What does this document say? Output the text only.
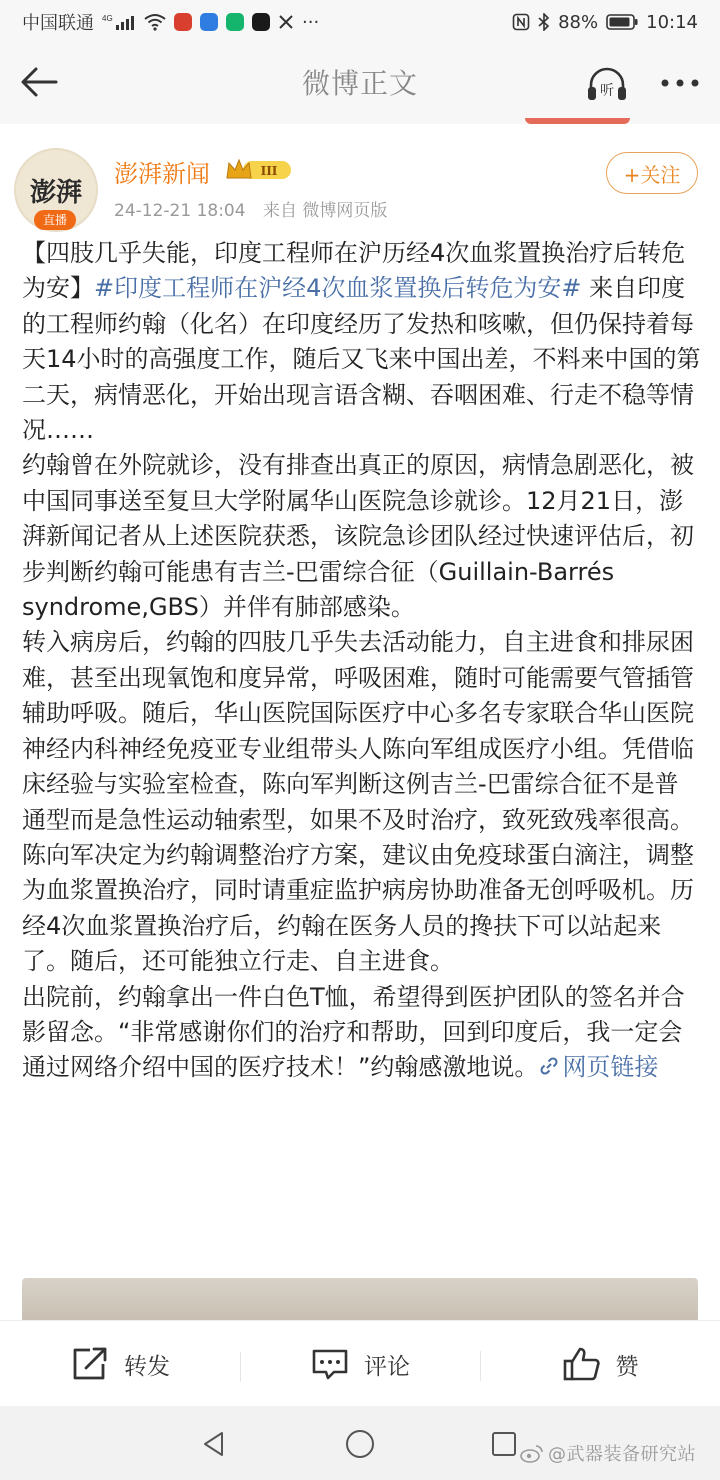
中国联通 4G	···	88%	10:14
微博正文	听
澎湃
直播
澎湃新闻	III
24-12-21 18:04 来自 微博网页版
+关注

【四肢几乎失能，印度工程师在沪历经4次血浆置换治疗后转危为安】#印度工程师在沪经4次血浆置换后转危为安# 来自印度的工程师约翰（化名）在印度经历了发热和咳嗽，但仍保持着每天14小时的高强度工作，随后又飞来中国出差，不料来中国的第二天，病情恶化，开始出现言语含糊、吞咽困难、行走不稳等情况……

约翰曾在外院就诊，没有排查出真正的原因，病情急剧恶化，被中国同事送至复旦大学附属华山医院急诊就诊。12月21日，澎湃新闻记者从上述医院获悉，该院急诊团队经过快速评估后，初步判断约翰可能患有吉兰-巴雷综合征（Guillain-Barrés syndrome,GBS）并伴有肺部感染。

转入病房后，约翰的四肢几乎失去活动能力，自主进食和排尿困难，甚至出现氧饱和度异常，呼吸困难，随时可能需要气管插管辅助呼吸。随后，华山医院国际医疗中心多名专家联合华山医院神经内科神经免疫亚专业组带头人陈向军组成医疗小组。凭借临床经验与实验室检查，陈向军判断这例吉兰-巴雷综合征不是普通型而是急性运动轴索型，如果不及时治疗，致死致残率很高。陈向军决定为约翰调整治疗方案，建议由免疫球蛋白滴注，调整为血浆置换治疗，同时请重症监护病房协助准备无创呼吸机。历经4次血浆置换治疗后，约翰在医务人员的搀扶下可以站起来了。随后，还可能独立行走、自主进食。

出院前，约翰拿出一件白色T恤，希望得到医护团队的签名并合影留念。“非常感谢你们的治疗和帮助，回到印度后，我一定会通过网络介绍中国的医疗技术！”约翰感激地说。 网页链接

转发	评论	赞
@武器装备研究站
